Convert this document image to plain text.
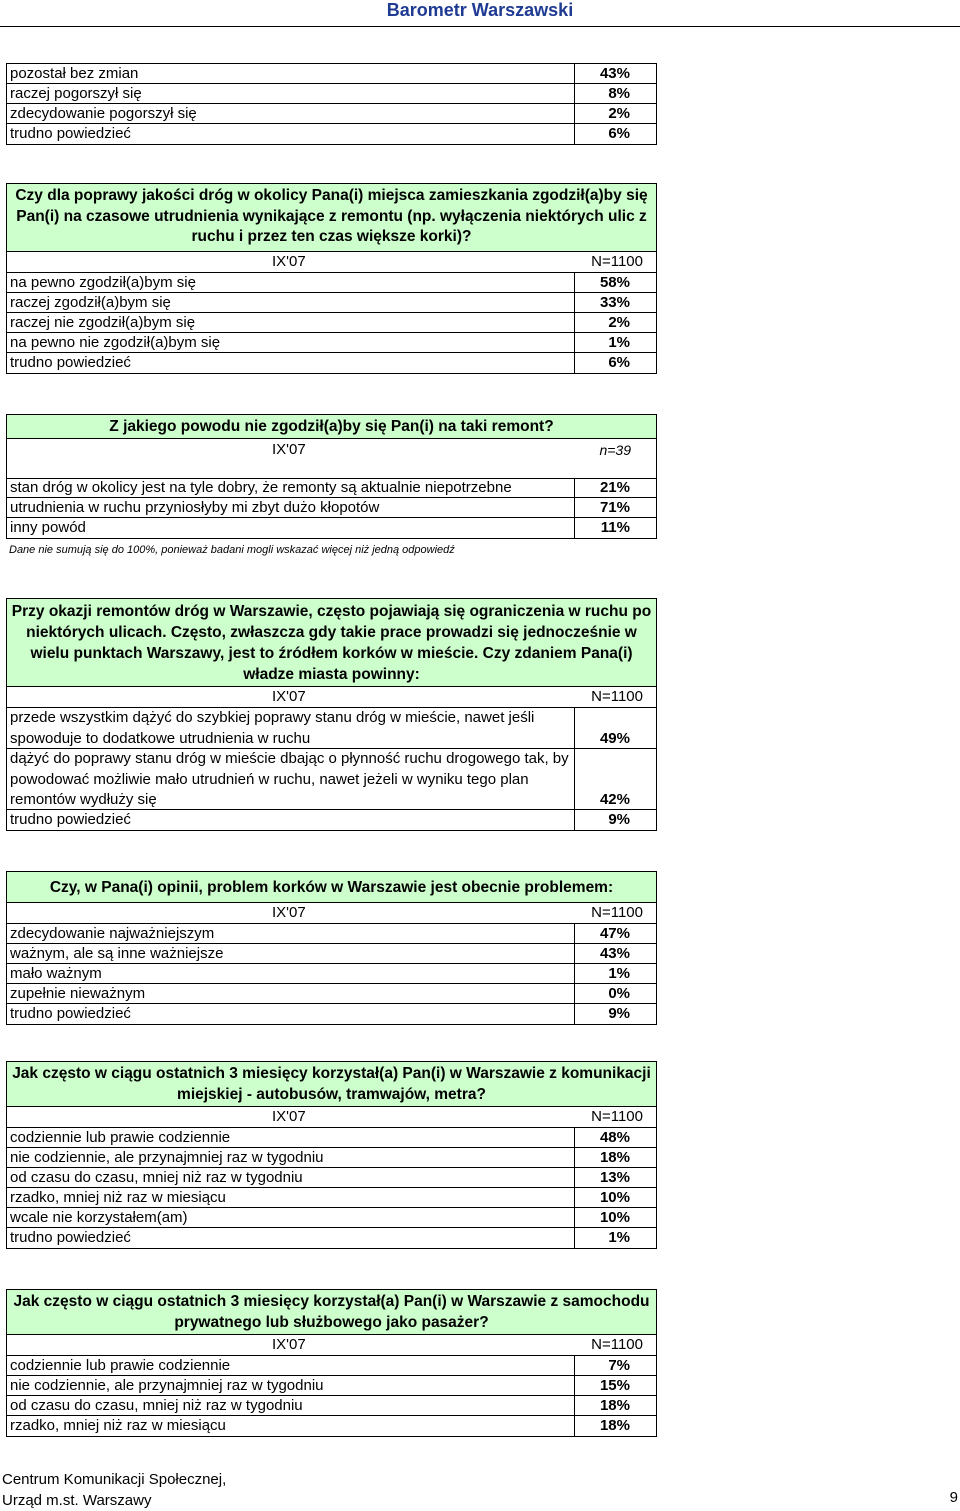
Barometr Warszawski
pozostał bez zmian	43%
raczej pogorszył się	8%
zdecydowanie pogorszył się	2%
trudno powiedzieć	6%
Czy dla poprawy jakości dróg w okolicy Pana(i) miejsca zamieszkania zgodził(a)by się Pan(i) na czasowe utrudnienia wynikające z remontu (np. wyłączenia niektórych ulic z ruchu i przez ten czas większe korki)?
IX'07	N=1100
na pewno zgodził(a)bym się	58%
raczej zgodził(a)bym się	33%
raczej nie zgodził(a)bym się	2%
na pewno nie zgodził(a)bym się	1%
trudno powiedzieć	6%
Z jakiego powodu nie zgodził(a)by się Pan(i) na taki remont?
IX'07	n=39
stan dróg w okolicy jest na tyle dobry, że remonty są aktualnie niepotrzebne	21%
utrudnienia w ruchu przyniosłyby mi zbyt dużo kłopotów	71%
inny powód	11%
Dane nie sumują się do 100%, ponieważ badani mogli wskazać więcej niż jedną odpowiedź
Przy okazji remontów dróg w Warszawie, często pojawiają się ograniczenia w ruchu po niektórych ulicach. Często, zwłaszcza gdy takie prace prowadzi się jednocześnie w wielu punktach Warszawy, jest to źródłem korków w mieście. Czy zdaniem Pana(i) władze miasta powinny:
IX'07	N=1100
przede wszystkim dążyć do szybkiej poprawy stanu dróg w mieście, nawet jeśli spowoduje to dodatkowe utrudnienia w ruchu	49%
dążyć do poprawy stanu dróg w mieście dbając o płynność ruchu drogowego tak, by powodować możliwie mało utrudnień w ruchu, nawet jeżeli w wyniku tego plan remontów wydłuży się	42%
trudno powiedzieć	9%
Czy, w Pana(i) opinii, problem korków w Warszawie jest obecnie problemem:
IX'07	N=1100
zdecydowanie najważniejszym	47%
ważnym, ale są inne ważniejsze	43%
mało ważnym	1%
zupełnie nieważnym	0%
trudno powiedzieć	9%
Jak często w ciągu ostatnich 3 miesięcy korzystał(a) Pan(i) w Warszawie z komunikacji miejskiej - autobusów, tramwajów, metra?
IX'07	N=1100
codziennie lub prawie codziennie	48%
nie codziennie, ale przynajmniej raz w tygodniu	18%
od czasu do czasu, mniej niż raz w tygodniu	13%
rzadko, mniej niż raz w miesiącu	10%
wcale nie korzystałem(am)	10%
trudno powiedzieć	1%
Jak często w ciągu ostatnich 3 miesięcy korzystał(a) Pan(i) w Warszawie z samochodu prywatnego lub służbowego jako pasażer?
IX'07	N=1100
codziennie lub prawie codziennie	7%
nie codziennie, ale przynajmniej raz w tygodniu	15%
od czasu do czasu, mniej niż raz w tygodniu	18%
rzadko, mniej niż raz w miesiącu	18%
Centrum Komunikacji Społecznej,
Urząd m.st. Warszawy	9
